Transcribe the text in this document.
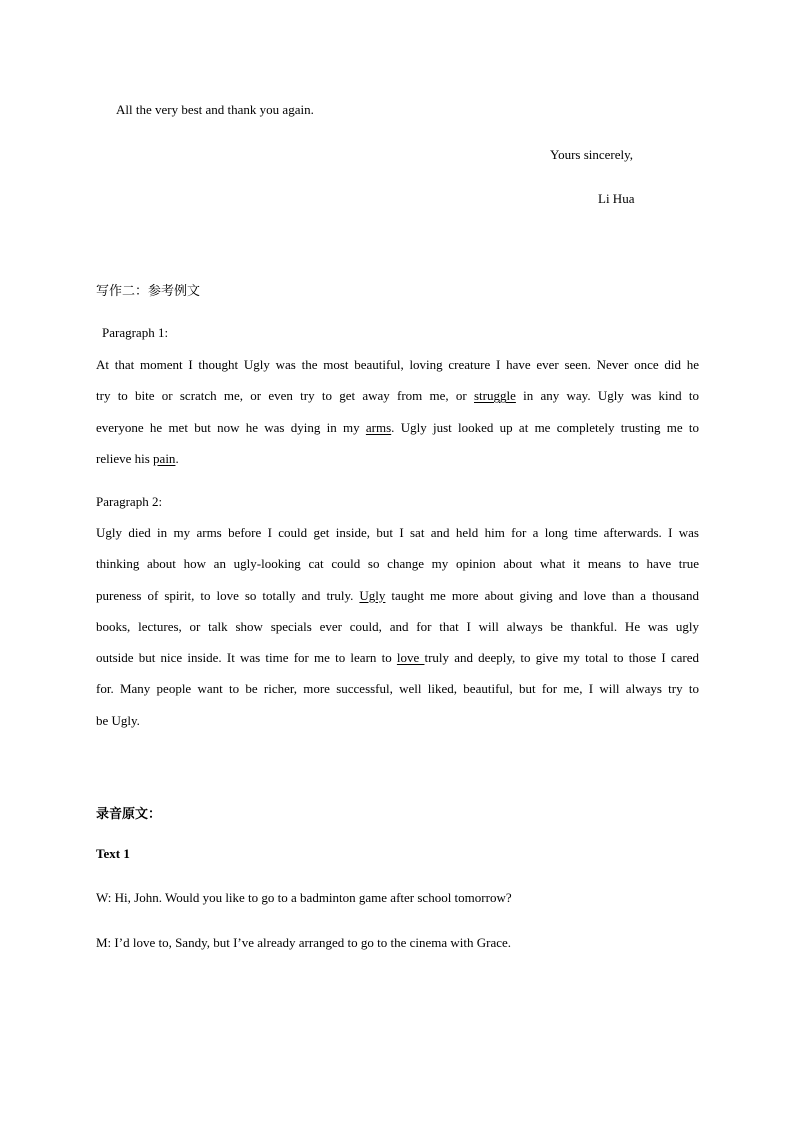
All the very best and thank you again.

Yours sincerely,

Li Hua

写作二：参考例文

Paragraph 1:

At that moment I thought Ugly was the most beautiful, loving creature I have ever seen. Never once did he
try to bite or scratch me, or even try to get away from me, or struggle in any way. Ugly was kind to
everyone he met but now he was dying in my arms. Ugly just looked up at me completely trusting me to
relieve his pain.

Paragraph 2:

Ugly died in my arms before I could get inside, but I sat and held him for a long time afterwards. I was
thinking about how an ugly-looking cat could so change my opinion about what it means to have true
pureness of spirit, to love so totally and truly. Ugly taught me more about giving and love than a thousand
books, lectures, or talk show specials ever could, and for that I will always be thankful. He was ugly
outside but nice inside. It was time for me to learn to love truly and deeply, to give my total to those I cared
for. Many people want to be richer, more successful, well liked, beautiful, but for me, I will always try to
be Ugly.

录音原文：

Text 1

W: Hi, John. Would you like to go to a badminton game after school tomorrow?

M: I’d love to, Sandy, but I’ve already arranged to go to the cinema with Grace.
